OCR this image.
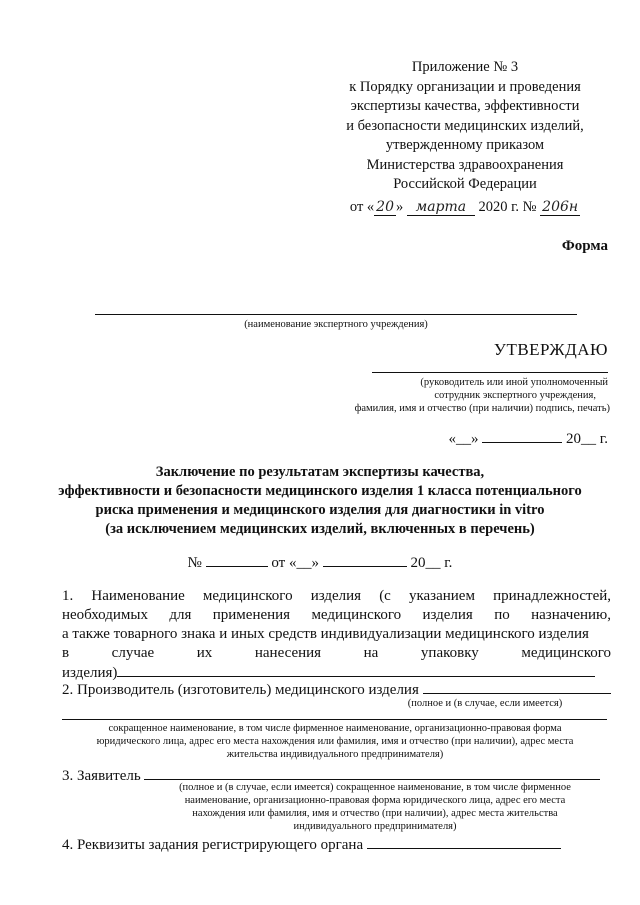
Приложение № 3
к Порядку организации и проведения
экспертизы качества, эффективности
и безопасности медицинских изделий,
утвержденному приказом
Министерства здравоохранения
Российской Федерации
от « 20 » марта 2020 г. № 206н
Форма
(наименование экспертного учреждения)
УТВЕРЖДАЮ
(руководитель или иной уполномоченный
сотрудник экспертного учреждения,
фамилия, имя и отчество (при наличии) подпись, печать)
«__»	20__ г.
Заключение по результатам экспертизы качества,
эффективности и безопасности медицинского изделия 1 класса потенциального
риска применения и медицинского изделия для диагностики in vitro
(за исключением медицинских изделий, включенных в перечень)
№	от «__»	20__ г.
1. Наименование медицинского изделия (с указанием принадлежностей,
необходимых для применения медицинского изделия по назначению,
а также товарного знака и иных средств индивидуализации медицинского изделия
в	случае	их	нанесения	на	упаковку	медицинского
изделия)
2. Производитель (изготовитель) медицинского изделия
(полное и (в случае, если имеется)
сокращенное наименование, в том числе фирменное наименование, организационно-правовая форма
юридического лица, адрес его места нахождения или фамилия, имя и отчество (при наличии), адрес места
жительства индивидуального предпринимателя)
3. Заявитель
(полное и (в случае, если имеется) сокращенное наименование, в том числе фирменное
наименование, организационно-правовая форма юридического лица, адрес его места
нахождения или фамилия, имя и отчество (при наличии), адрес места жительства
индивидуального предпринимателя)
4. Реквизиты задания регистрирующего органа
